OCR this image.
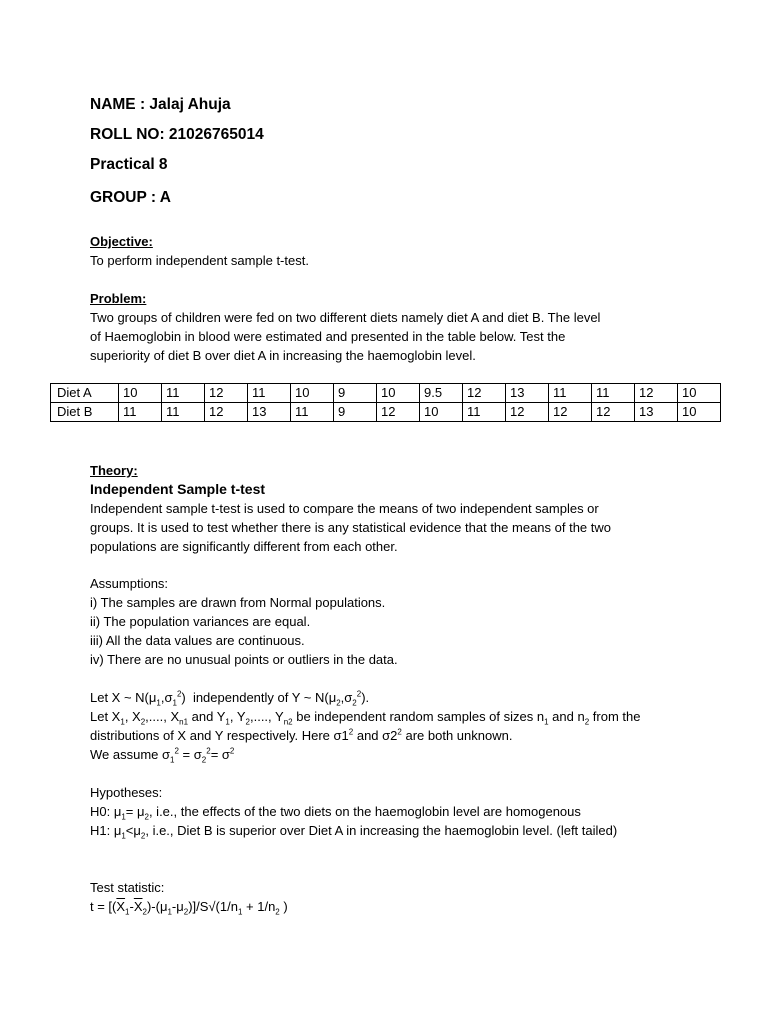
NAME : Jalaj Ahuja
ROLL NO: 21026765014
Practical 8
GROUP : A

Objective:

To perform independent sample t-test.

Problem:

Two groups of children were fed on two different diets namely diet A and diet B. The level

of Haemoglobin in blood were estimated and presented in the table below. Test the

superiority of diet B over diet A in increasing the haemoglobin level.

Diet A	10	11	12	11	10	9	10	9.5	12	13	11	11	12	10
Diet B	11	11	12	13	11	9	12	10	11	12	12	12	13	10

Theory:

Independent Sample t-test

Independent sample t-test is used to compare the means of two independent samples or

groups. It is used to test whether there is any statistical evidence that the means of the two

populations are significantly different from each other.

Assumptions:

i) The samples are drawn from Normal populations.

ii) The population variances are equal.

iii) All the data values are continuous.

iv) There are no unusual points or outliers in the data.

Let X ~ $N(\mu_1,\sigma_1^2)$  independently of Y ~ $N(\mu_2,\sigma_2^2)$.

Let $X_1$, $X_2$,...., $X_{n1}$ and $Y_1$, $Y_2$,...., $Y_{n2}$ be independent random samples of sizes $n_1$ and $n_2$ from the

distributions of X and Y respectively. Here $\sigma 1^2$ and $\sigma 2^2$ are both unknown.

We assume $\sigma_1^2 = \sigma_2^2= \sigma^2$

Hypotheses:

H0: $\mu_1= \mu_2$, i.e., the effects of the two diets on the haemoglobin level are homogenous

H1: $\mu_1<\mu_2$, i.e., Diet B is superior over Diet A in increasing the haemoglobin level. (left tailed)

Test statistic:

$t = [(\overline{X}_1-\overline{X}_2)-(\mu_1-\mu_2)]/S√(1/n_1 + 1/n_2$ )
